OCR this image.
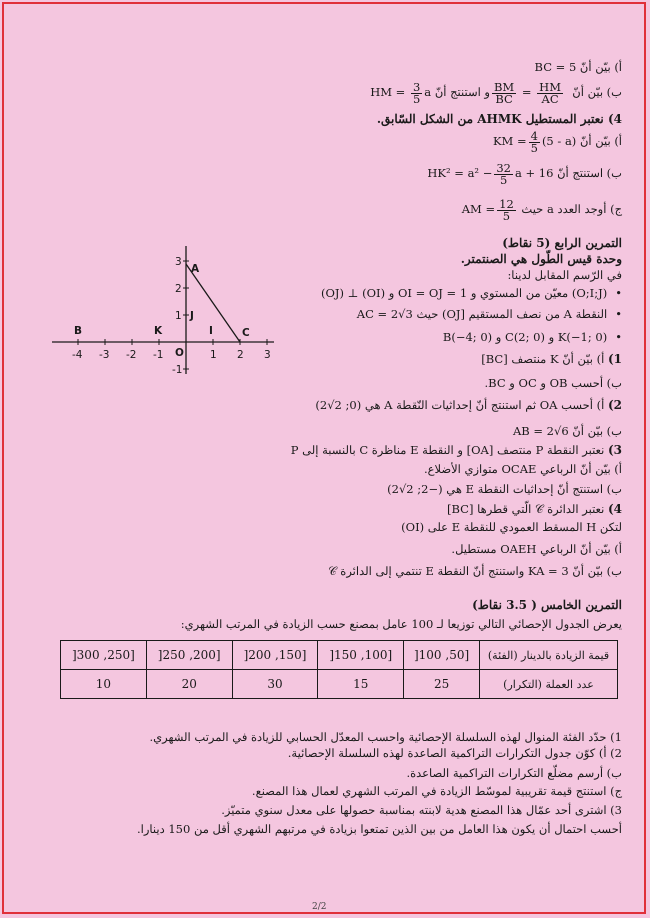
أ) بيّن أنّ BC = 5
ب) بيّن أنّ
$\frac{BM}{BC} = \frac{HM}{AC}$
و استنتج أنّ HM = $\frac{3}{5}$ a
4) نعتبر المستطيل AHMK من الشكل السّابق.
أ) بيّن أنّ KM = $\frac{4}{5} (5 - a)$
ب) استنتج أنّ $HK^2 = a^2 - \frac{32}{5}$ a + 16
ج) أوجد العدد a حيث AM = $\frac{12}{5}$
التمرين الرابع (5 نقاط)
وحدة قيس الطّول هي الصنتمتر.
في الرّسم المقابل لدينا:
• (O;I;J) معيّن من المستوي و OI = OJ = 1 و (OI) ⊥ (OJ)
• النقطة A من نصف المستقيم [OJ) حيث AC = 2√3
• K(−1; 0) و C(2; 0) و B(−4; 0)
1) أ) بيّن أنّ K منتصف [BC]
ب) أحسب OB و OC و BC.
2) أ) أحسب OA ثم استنتج أنّ إحداثيات النّقطة A هي (0; 2√2)
ب) بيّن أنّ AB = 2√6
3) نعتبر النقطة P منتصف [OA] و النقطة E مناظرة C بالنسبة إلى P
أ) بيّن أنّ الرباعي OCAE متوازي الأضلاع.
ب) استنتج أنّ إحداثيات النقطة E هي (−2; 2√2)
4) نعتبر الدائرة 𝒞 الّتي قطرها [BC]
لتكن H المسقط العمودي للنقطة E على (OI)
أ) بيّن أنّ الرباعي OAEH مستطيل.
ب) بيّن أنّ KA = 3 واستنتج أنّ النقطة E تنتمي إلى الدائرة 𝒞
-4 -3 -2 -1 O 1 2 3
3
2
1
-1
A
B	K	I
J
C
التمرين الخامس ( 3.5 نقاط)
يعرض الجدول الإحصائي التالي توزيعا لـ 100 عامل بمصنع حسب الزيادة في المرتب الشهري:
قيمة الزيادة بالدينار (الفئة)	[50, 100[	[100, 150[	[150, 200[	[200, 250[	[250, 300[
عدد العملة (التكرار)	25	15	30	20	10
1) حدّد الفئة المنوال لهذه السلسلة الإحصائية واحسب المعدّل الحسابي للزيادة في المرتب الشهري.
2) أ) كوّن جدول التكرارات التراكمية الصاعدة لهذه السلسلة الإحصائية.
ب) أرسم مضلّع التكرارات التراكمية الصاعدة.
ج) استنتج قيمة تقريبية لموسّط الزيادة في المرتب الشهري لعمال هذا المصنع.
3) اشترى أحد عمّال هذا المصنع هدية لابنته بمناسبة حصولها على معدل سنوي متميّز.
أحسب احتمال أن يكون هذا العامل من بين الذين تمتعوا بزيادة في مرتبهم الشهري أقل من 150 دينارا.
2/2
